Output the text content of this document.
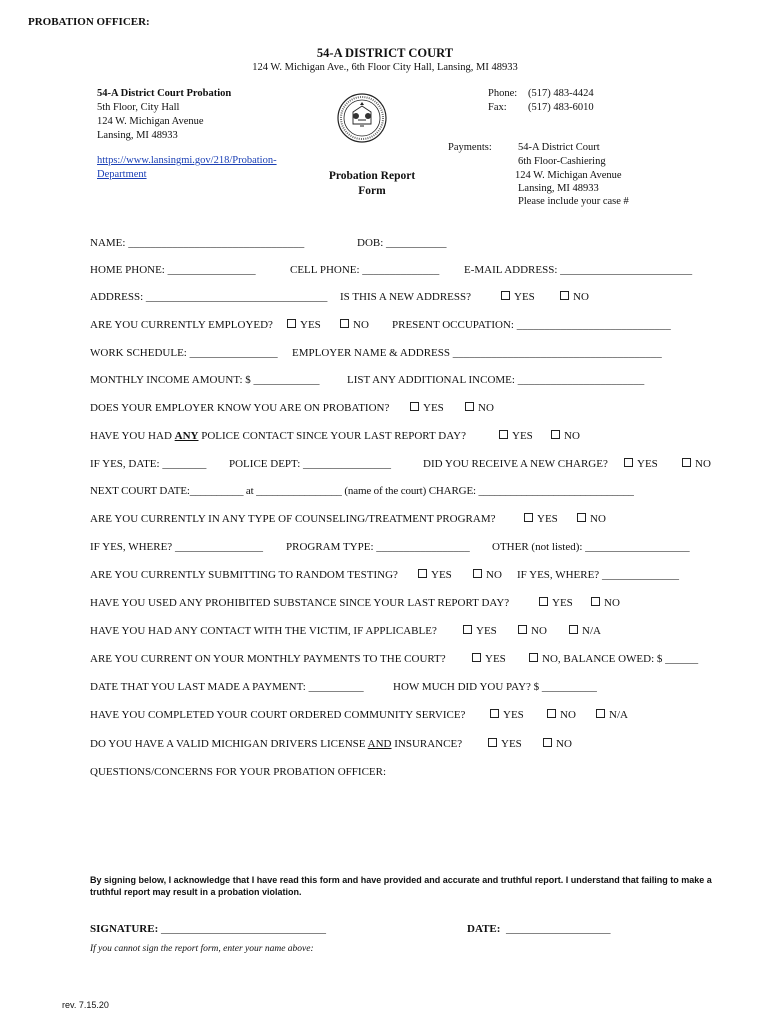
PROBATION OFFICER:
54-A DISTRICT COURT
124 W. Michigan Ave., 6th Floor City Hall, Lansing, MI 48933
54-A District Court Probation
5th Floor, City Hall
124 W. Michigan Avenue
Lansing, MI 48933
https://www.lansingmi.gov/218/Probation-
Department	Probation Report
Form
Phone: (517) 483-4424
Fax: (517) 483-6010
Payments:	54-A District Court
6th Floor-Cashiering
124 W. Michigan Avenue
Lansing, MI 48933
Please include your case #
NAME: ________________________________	DOB: ___________
HOME PHONE: ________________	CELL PHONE: ______________ E-MAIL ADDRESS: ________________________
ADDRESS: _________________________________ IS THIS A NEW ADDRESS?	YES	NO
ARE YOU CURRENTLY EMPLOYED?	YES	NO PRESENT OCCUPATION: ____________________________
WORK SCHEDULE: ________________ EMPLOYER NAME & ADDRESS ______________________________________
MONTHLY INCOME AMOUNT: $ ____________ LIST ANY ADDITIONAL INCOME: _______________________
DOES YOUR EMPLOYER KNOW YOU ARE ON PROBATION?	YES	NO
HAVE YOU HAD ANY POLICE CONTACT SINCE YOUR LAST REPORT DAY?	YES	NO
IF YES, DATE: ________ POLICE DEPT: ________________	DID YOU RECEIVE A NEW CHARGE?	YES	NO
NEXT COURT DATE:__________ at ________________ (name of the court) CHARGE: _____________________________
ARE YOU CURRENTLY IN ANY TYPE OF COUNSELING/TREATMENT PROGRAM?	YES	NO
IF YES, WHERE? ________________ PROGRAM TYPE: _________________ OTHER (not listed): ___________________
ARE YOU CURRENTLY SUBMITTING TO RANDOM TESTING?	YES	NO IF YES, WHERE? ______________
HAVE YOU USED ANY PROHIBITED SUBSTANCE SINCE YOUR LAST REPORT DAY?	YES	NO
HAVE YOU HAD ANY CONTACT WITH THE VICTIM, IF APPLICABLE?	YES	NO	N/A
ARE YOU CURRENT ON YOUR MONTHLY PAYMENTS TO THE COURT?	YES	NO, BALANCE OWED: $ ______
DATE THAT YOU LAST MADE A PAYMENT: __________	HOW MUCH DID YOU PAY? $ __________
HAVE YOU COMPLETED YOUR COURT ORDERED COMMUNITY SERVICE?	YES	NO	N/A
DO YOU HAVE A VALID MICHIGAN DRIVERS LICENSE AND INSURANCE?	YES	NO
QUESTIONS/CONCERNS FOR YOUR PROBATION OFFICER:
By signing below, I acknowledge that I have read this form and have provided and accurate and truthful report. I understand that failing to make a truthful report may result in a probation violation.
SIGNATURE: ______________________________	DATE: ___________________
If you cannot sign the report form, enter your name above:
rev. 7.15.20
